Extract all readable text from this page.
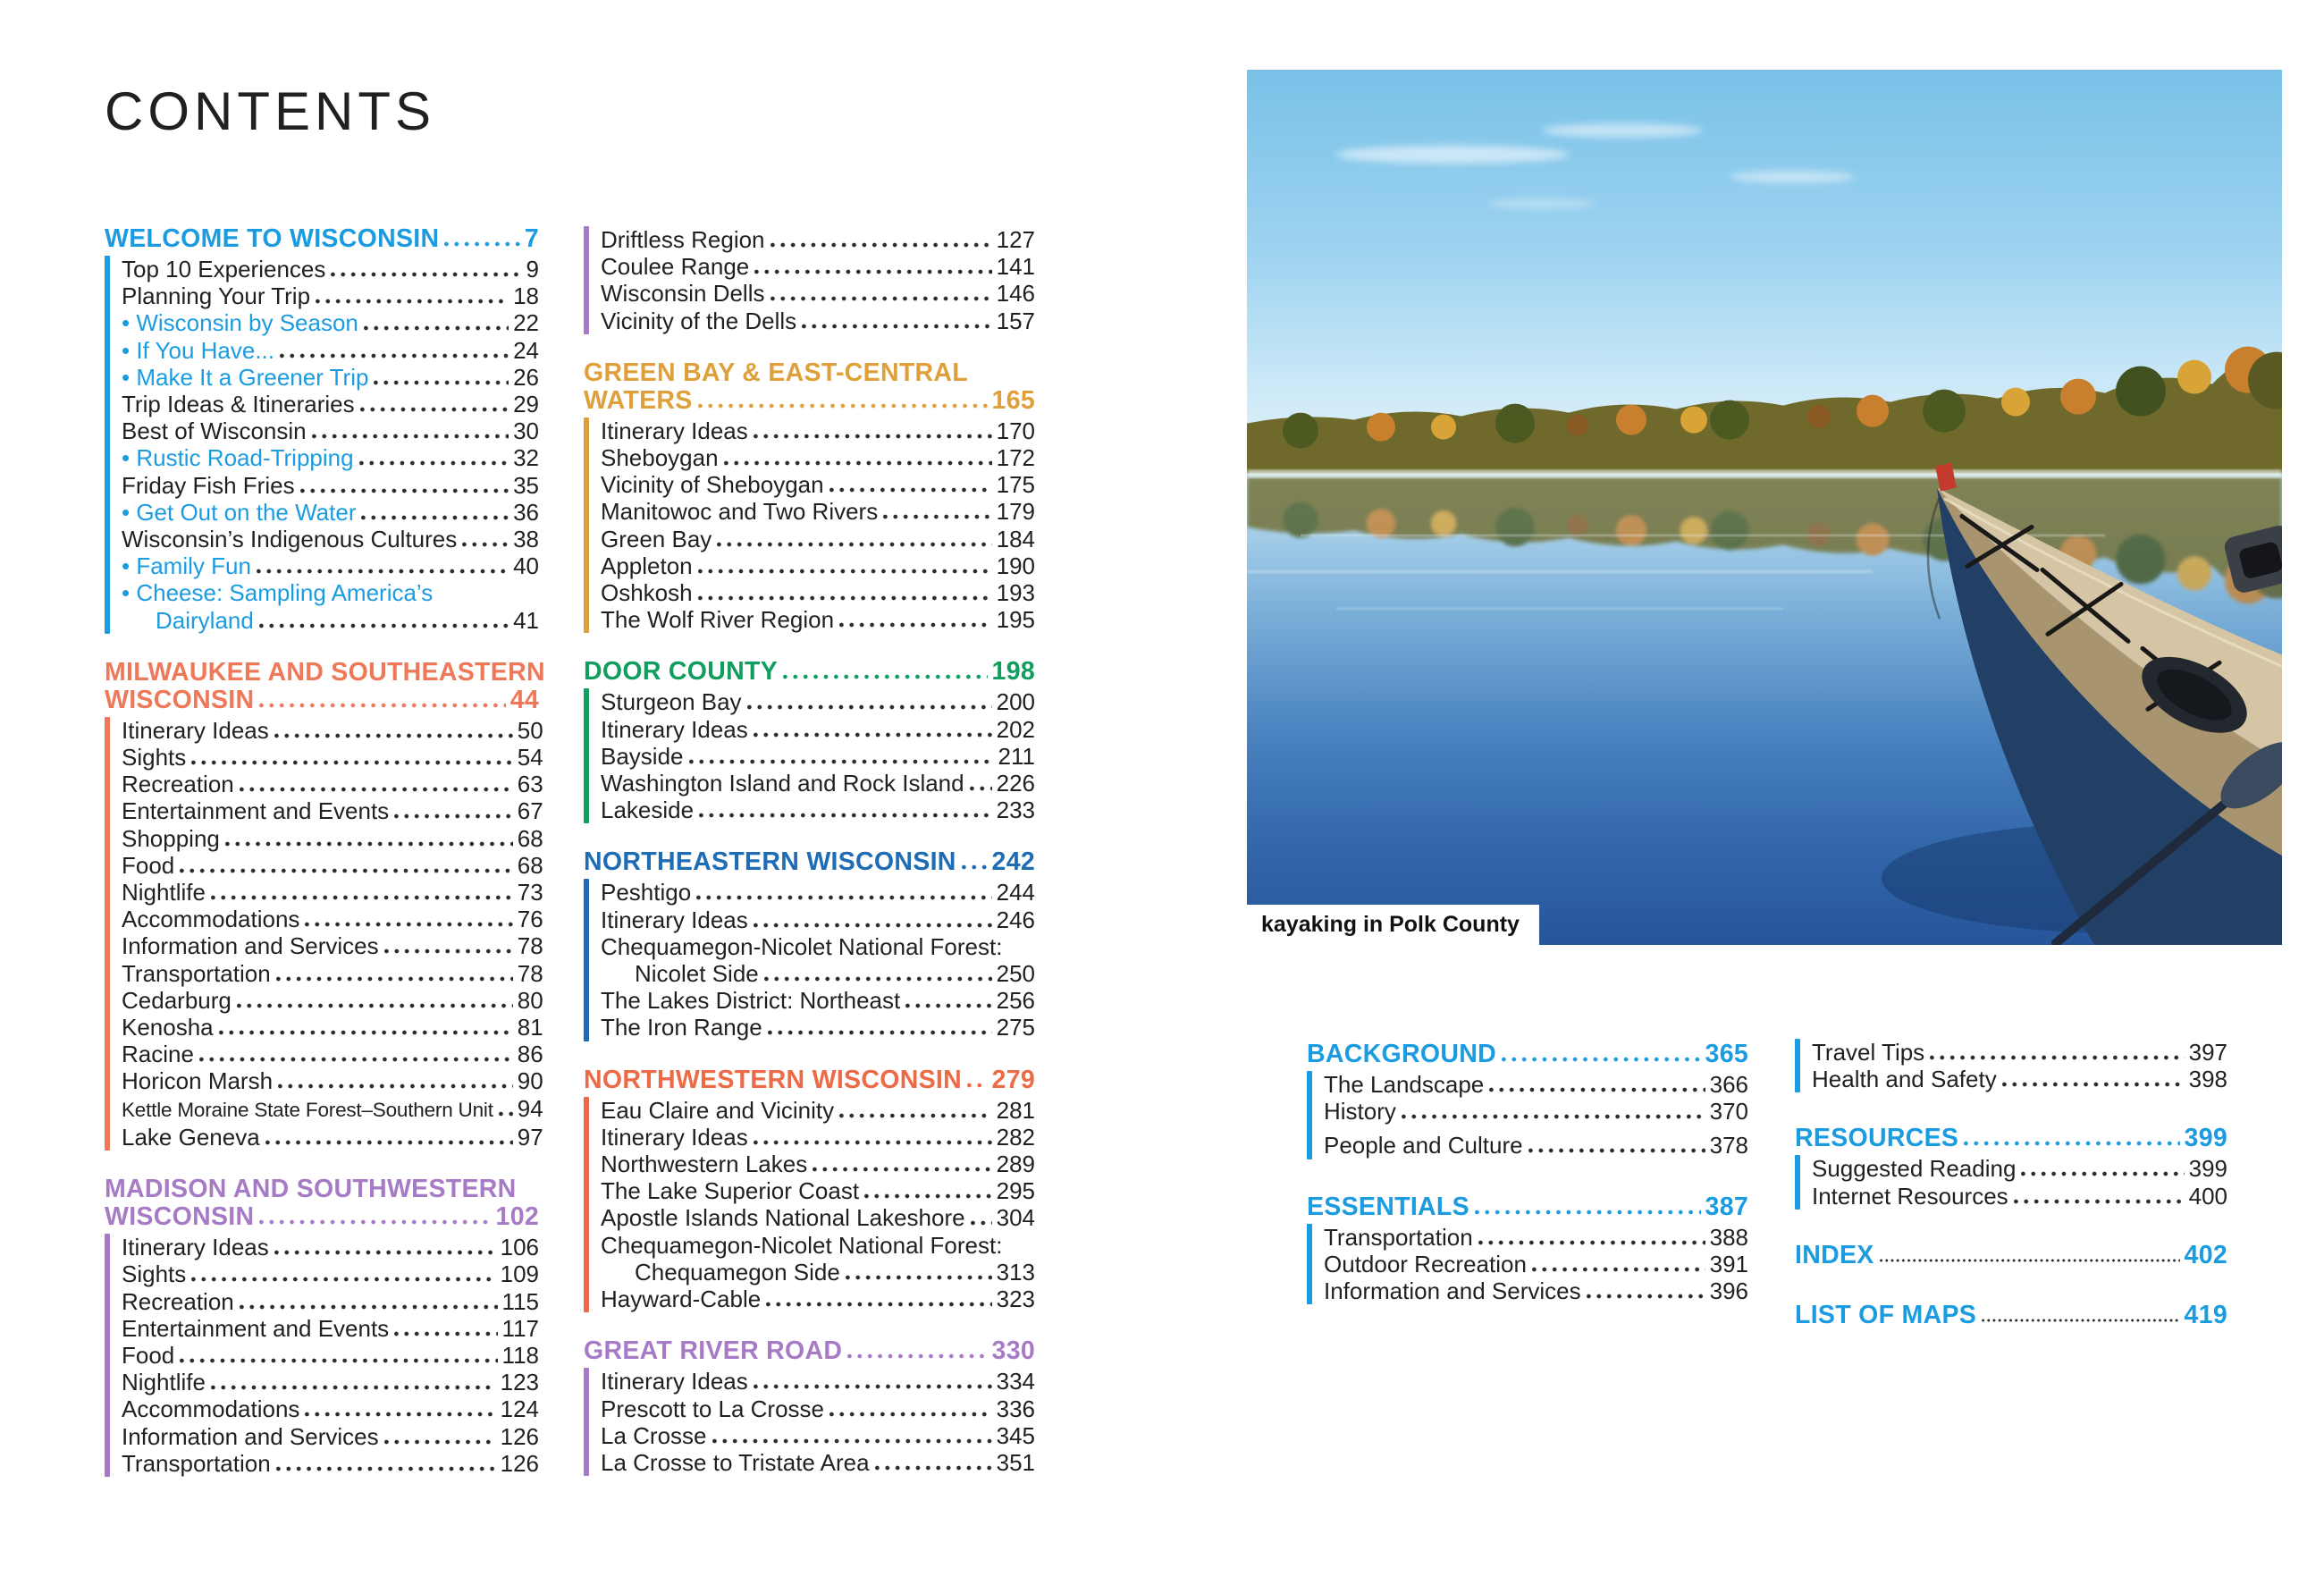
CONTENTS
WELCOME TO WISCONSIN	7
Top 10 Experiences	9
Planning Your Trip	18
• Wisconsin by Season	22
• If You Have...	24
• Make It a Greener Trip	26
Trip Ideas & Itineraries	29
Best of Wisconsin	30
• Rustic Road-Tripping	32
Friday Fish Fries	35
• Get Out on the Water	36
Wisconsin’s Indigenous Cultures 38
• Family Fun	40
• Cheese: Sampling America’s
Dairyland	41
MILWAUKEE AND SOUTHEASTERN
WISCONSIN	44
Itinerary Ideas	50
Sights	54
Recreation	63
Entertainment and Events	67
Shopping	68
Food	68
Nightlife	73
Accommodations	76
Information and Services	78
Transportation	78
Cedarburg	80
Kenosha	81
Racine	86
Horicon Marsh	90
Kettle Moraine State Forest–Southern Unit 94
Lake Geneva	97
MADISON AND SOUTHWESTERN
WISCONSIN	102
Itinerary Ideas	106
Sights	109
Recreation	115
Entertainment and Events	117
Food	118
Nightlife	123
Accommodations	124
Information and Services	126
Transportation	126
Driftless Region	127
Coulee Range	141
Wisconsin Dells	146
Vicinity of the Dells	157
GREEN BAY & EAST-CENTRAL
WATERS	165
Itinerary Ideas	170
Sheboygan	172
Vicinity of Sheboygan	175
Manitowoc and Two Rivers	179
Green Bay	184
Appleton	190
Oshkosh	193
The Wolf River Region	195
DOOR COUNTY	198
Sturgeon Bay	200
Itinerary Ideas	202
Bayside	211
Washington Island and Rock Island 226
Lakeside	233
NORTHEASTERN WISCONSIN 242
Peshtigo	244
Itinerary Ideas	246
Chequamegon-Nicolet National Forest:
Nicolet Side	250
The Lakes District: Northeast	256
The Iron Range	275
NORTHWESTERN WISCONSIN 279
Eau Claire and Vicinity	281
Itinerary Ideas	282
Northwestern Lakes	289
The Lake Superior Coast	295
Apostle Islands National Lakeshore 304
Chequamegon-Nicolet National Forest:
Chequamegon Side	313
Hayward-Cable	323
GREAT RIVER ROAD	330
Itinerary Ideas	334
Prescott to La Crosse	336
La Crosse	345
La Crosse to Tristate Area	351
BACKGROUND	365
The Landscape	366
History	370
People and Culture	378
ESSENTIALS	387
Transportation	388
Outdoor Recreation	391
Information and Services	396
Travel Tips	397
Health and Safety	398
RESOURCES	399
Suggested Reading	399
Internet Resources	400
INDEX	402
LIST OF MAPS	419
kayaking in Polk County
